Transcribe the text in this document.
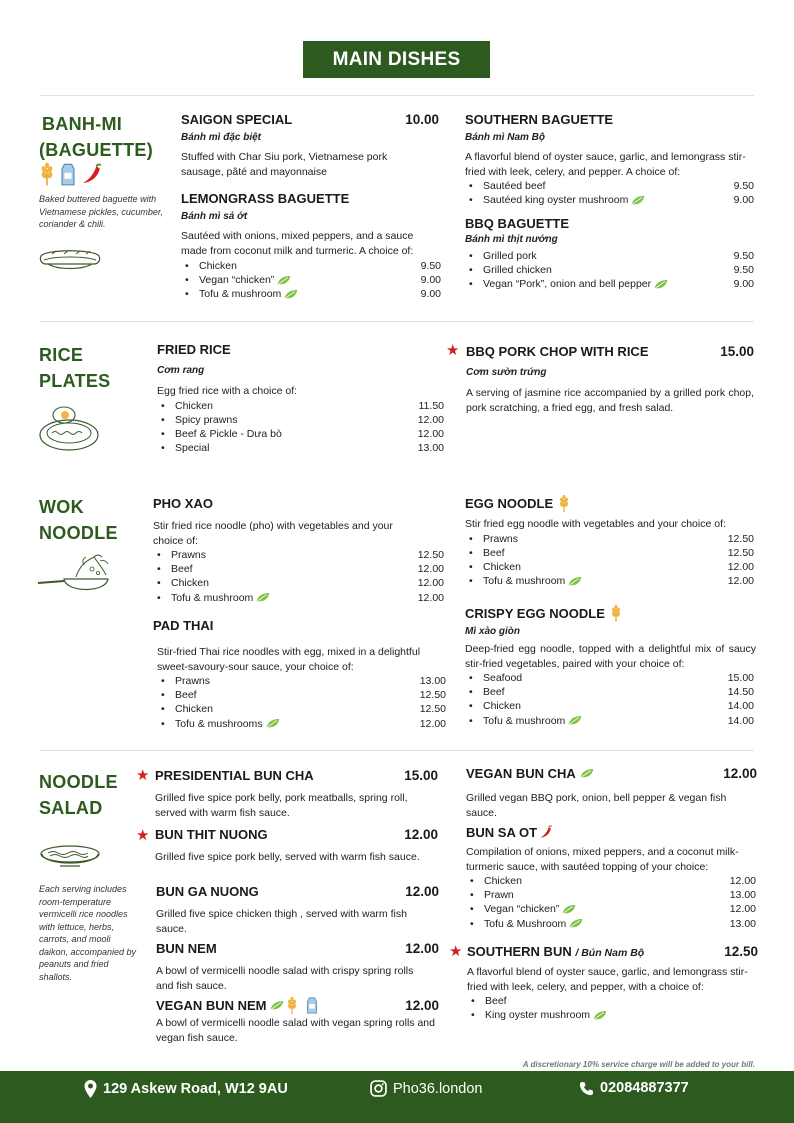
MAIN DISHES
BANH-MI
(BAGUETTE)
Baked buttered baguette with Vietnamese pickles, cucumber, coriander & chili.
SAIGON SPECIAL	10.00
Bánh mì đặc biệt
Stuffed with Char Siu pork, Vietnamese pork sausage, pâté and mayonnaise
LEMONGRASS BAGUETTE
Bánh mì sả ớt
Sautéed with onions, mixed peppers, and a sauce made from coconut milk and turmeric. A choice of:
• Chicken	9.50
• Vegan “chicken”	9.00
• Tofu & mushroom	9.00
SOUTHERN BAGUETTE
Bánh mì Nam Bộ
A flavorful blend of oyster sauce, garlic, and lemongrass stir-fried with leek, celery, and pepper. A choice of:
• Sautéed beef	9.50
• Sautéed king oyster mushroom	9.00
BBQ BAGUETTE
Bánh mì thịt nướng
• Grilled pork	9.50
• Grilled chicken	9.50
• Vegan “Pork”, onion and bell pepper	9.00
RICE
PLATES
FRIED RICE
Cơm rang
Egg fried rice with a choice of:
• Chicken	11.50
• Spicy prawns	12.00
• Beef & Pickle - Dưa bò	12.00
• Special	13.00
★ BBQ PORK CHOP WITH RICE	15.00
Cơm sườn trứng
A serving of jasmine rice accompanied by a grilled pork chop, pork scratching, a fried egg, and fresh salad.
WOK
NOODLE
PHO XAO
Stir fried rice noodle (pho) with vegetables and your choice of:
• Prawns	12.50
• Beef	12.00
• Chicken	12.00
• Tofu & mushroom	12.00
PAD THAI
Stir-fried Thai rice noodles with egg, mixed in a delightful sweet-savoury-sour sauce, your choice of:
• Prawns	13.00
• Beef	12.50
• Chicken	12.50
• Tofu & mushrooms	12.00
EGG NOODLE
Stir fried egg noodle with vegetables and your choice of:
• Prawns	12.50
• Beef	12.50
• Chicken	12.00
• Tofu & mushroom	12.00
CRISPY EGG NOODLE
Mì xào giòn
Deep-fried egg noodle, topped with a delightful mix of saucy stir-fried vegetables, paired with your choice of:
• Seafood	15.00
• Beef	14.50
• Chicken	14.00
• Tofu & mushroom	14.00
NOODLE
SALAD
Each serving includes room-temperature vermicelli rice noodles with lettuce, herbs, carrots, and mooli daikon, accompanied by peanuts and fried shallots.
★ PRESIDENTIAL BUN CHA	15.00
Grilled five spice pork belly, pork meatballs, spring roll, served with warm fish sauce.
★ BUN THIT NUONG	12.00
Grilled five spice pork belly, served with warm fish sauce.
BUN GA NUONG	12.00
Grilled five spice chicken thigh , served with warm fish sauce.
BUN NEM	12.00
A bowl of vermicelli noodle salad with crispy spring rolls and fish sauce.
VEGAN BUN NEM	12.00
A bowl of vermicelli noodle salad with vegan spring rolls and vegan fish sauce.
VEGAN BUN CHA	12.00
Grilled vegan BBQ pork, onion, bell pepper & vegan fish sauce.
BUN SA OT
Compilation of onions, mixed peppers, and a coconut milk-turmeric sauce, with sautéed topping of your choice:
• Chicken	12.00
• Prawn	13.00
• Vegan “chicken”	12.00
• Tofu & Mushroom	13.00
★ SOUTHERN BUN / Bún Nam Bộ	12.50
A flavorful blend of oyster sauce, garlic, and lemongrass stir-fried with leek, celery, and pepper, with a choice of:
• Beef
• King oyster mushroom
A discretionary 10% service charge will be added to your bill.
129 Askew Road, W12 9AU	Pho36.london	02084887377
